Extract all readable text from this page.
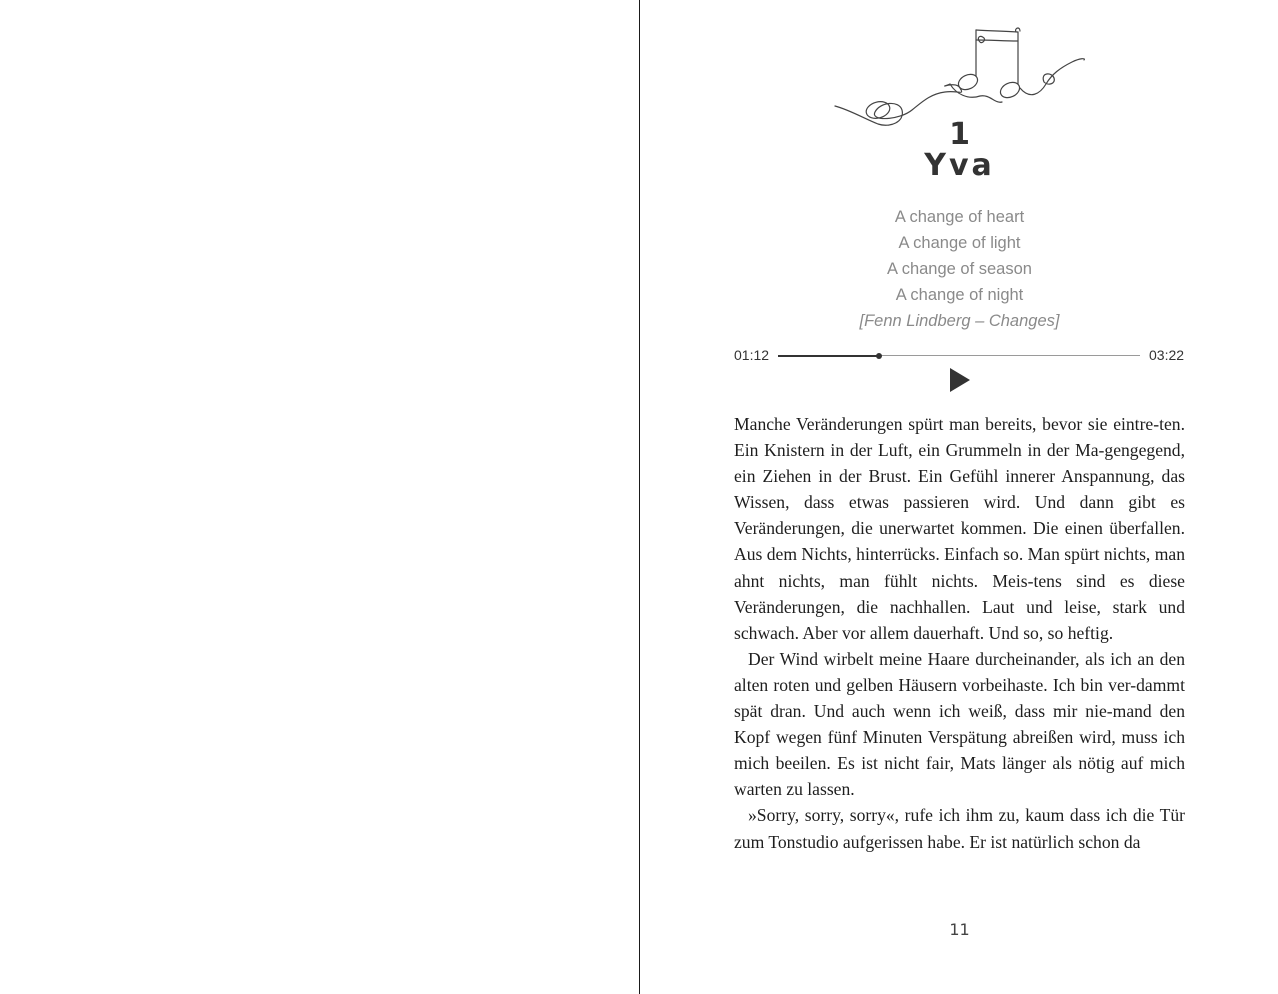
1
Yva
A change of heart
A change of light
A change of season
A change of night
[Fenn Lindberg – Changes]
01:12	03:22

Manche Veränderungen spürt man bereits, bevor sie eintre-ten. Ein Knistern in der Luft, ein Grummeln in der Ma-gengegend, ein Ziehen in der Brust. Ein Gefühl innerer Anspannung, das Wissen, dass etwas passieren wird. Und dann gibt es Veränderungen, die unerwartet kommen. Die einen überfallen. Aus dem Nichts, hinterrücks. Einfach so. Man spürt nichts, man ahnt nichts, man fühlt nichts. Meis-tens sind es diese Veränderungen, die nachhallen. Laut und leise, stark und schwach. Aber vor allem dauerhaft. Und so, so heftig.

Der Wind wirbelt meine Haare durcheinander, als ich an den alten roten und gelben Häusern vorbeihaste. Ich bin ver-dammt spät dran. Und auch wenn ich weiß, dass mir nie-mand den Kopf wegen fünf Minuten Verspätung abreißen wird, muss ich mich beeilen. Es ist nicht fair, Mats länger als nötig auf mich warten zu lassen.

»Sorry, sorry, sorry«, rufe ich ihm zu, kaum dass ich die Tür zum Tonstudio aufgerissen habe. Er ist natürlich schon da

11
